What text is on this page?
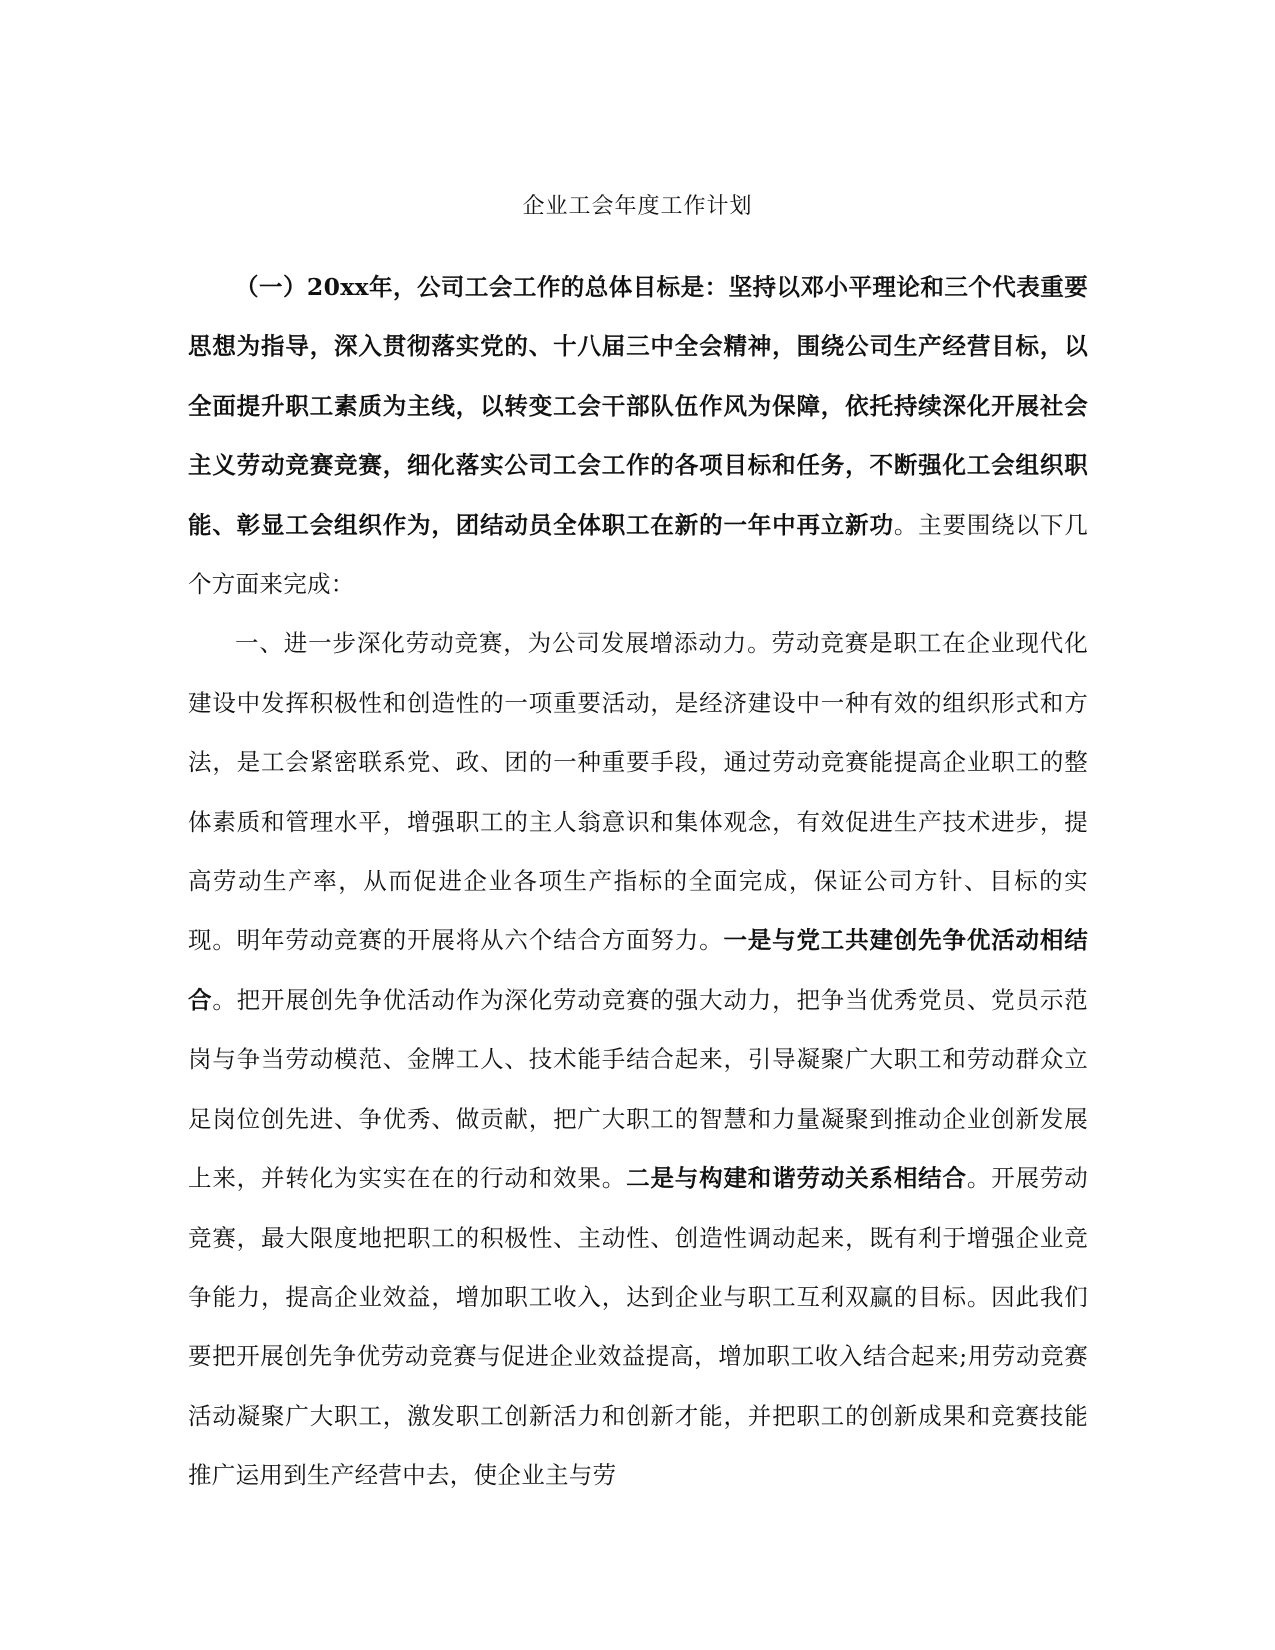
企业工会年度工作计划

（一）20xx年，公司工会工作的总体目标是：坚持以邓小平理论和三个代表重要思想为指导，深入贯彻落实党的、十八届三中全会精神，围绕公司生产经营目标，以全面提升职工素质为主线，以转变工会干部队伍作风为保障，依托持续深化开展社会主义劳动竞赛竞赛，细化落实公司工会工作的各项目标和任务，不断强化工会组织职能、彰显工会组织作为，团结动员全体职工在新的一年中再立新功。主要围绕以下几个方面来完成：

一、进一步深化劳动竞赛，为公司发展增添动力。劳动竞赛是职工在企业现代化建设中发挥积极性和创造性的一项重要活动，是经济建设中一种有效的组织形式和方法，是工会紧密联系党、政、团的一种重要手段，通过劳动竞赛能提高企业职工的整体素质和管理水平，增强职工的主人翁意识和集体观念，有效促进生产技术进步，提高劳动生产率，从而促进企业各项生产指标的全面完成，保证公司方针、目标的实现。明年劳动竞赛的开展将从六个结合方面努力。一是与党工共建创先争优活动相结合。把开展创先争优活动作为深化劳动竞赛的强大动力，把争当优秀党员、党员示范岗与争当劳动模范、金牌工人、技术能手结合起来，引导凝聚广大职工和劳动群众立足岗位创先进、争优秀、做贡献，把广大职工的智慧和力量凝聚到推动企业创新发展上来，并转化为实实在在的行动和效果。二是与构建和谐劳动关系相结合。开展劳动竞赛，最大限度地把职工的积极性、主动性、创造性调动起来，既有利于增强企业竞争能力，提高企业效益，增加职工收入，达到企业与职工互利双赢的目标。因此我们要把开展创先争优劳动竞赛与促进企业效益提高，增加职工收入结合起来;用劳动竞赛活动凝聚广大职工，激发职工创新活力和创新才能，并把职工的创新成果和竞赛技能推广运用到生产经营中去，使企业主与劳
